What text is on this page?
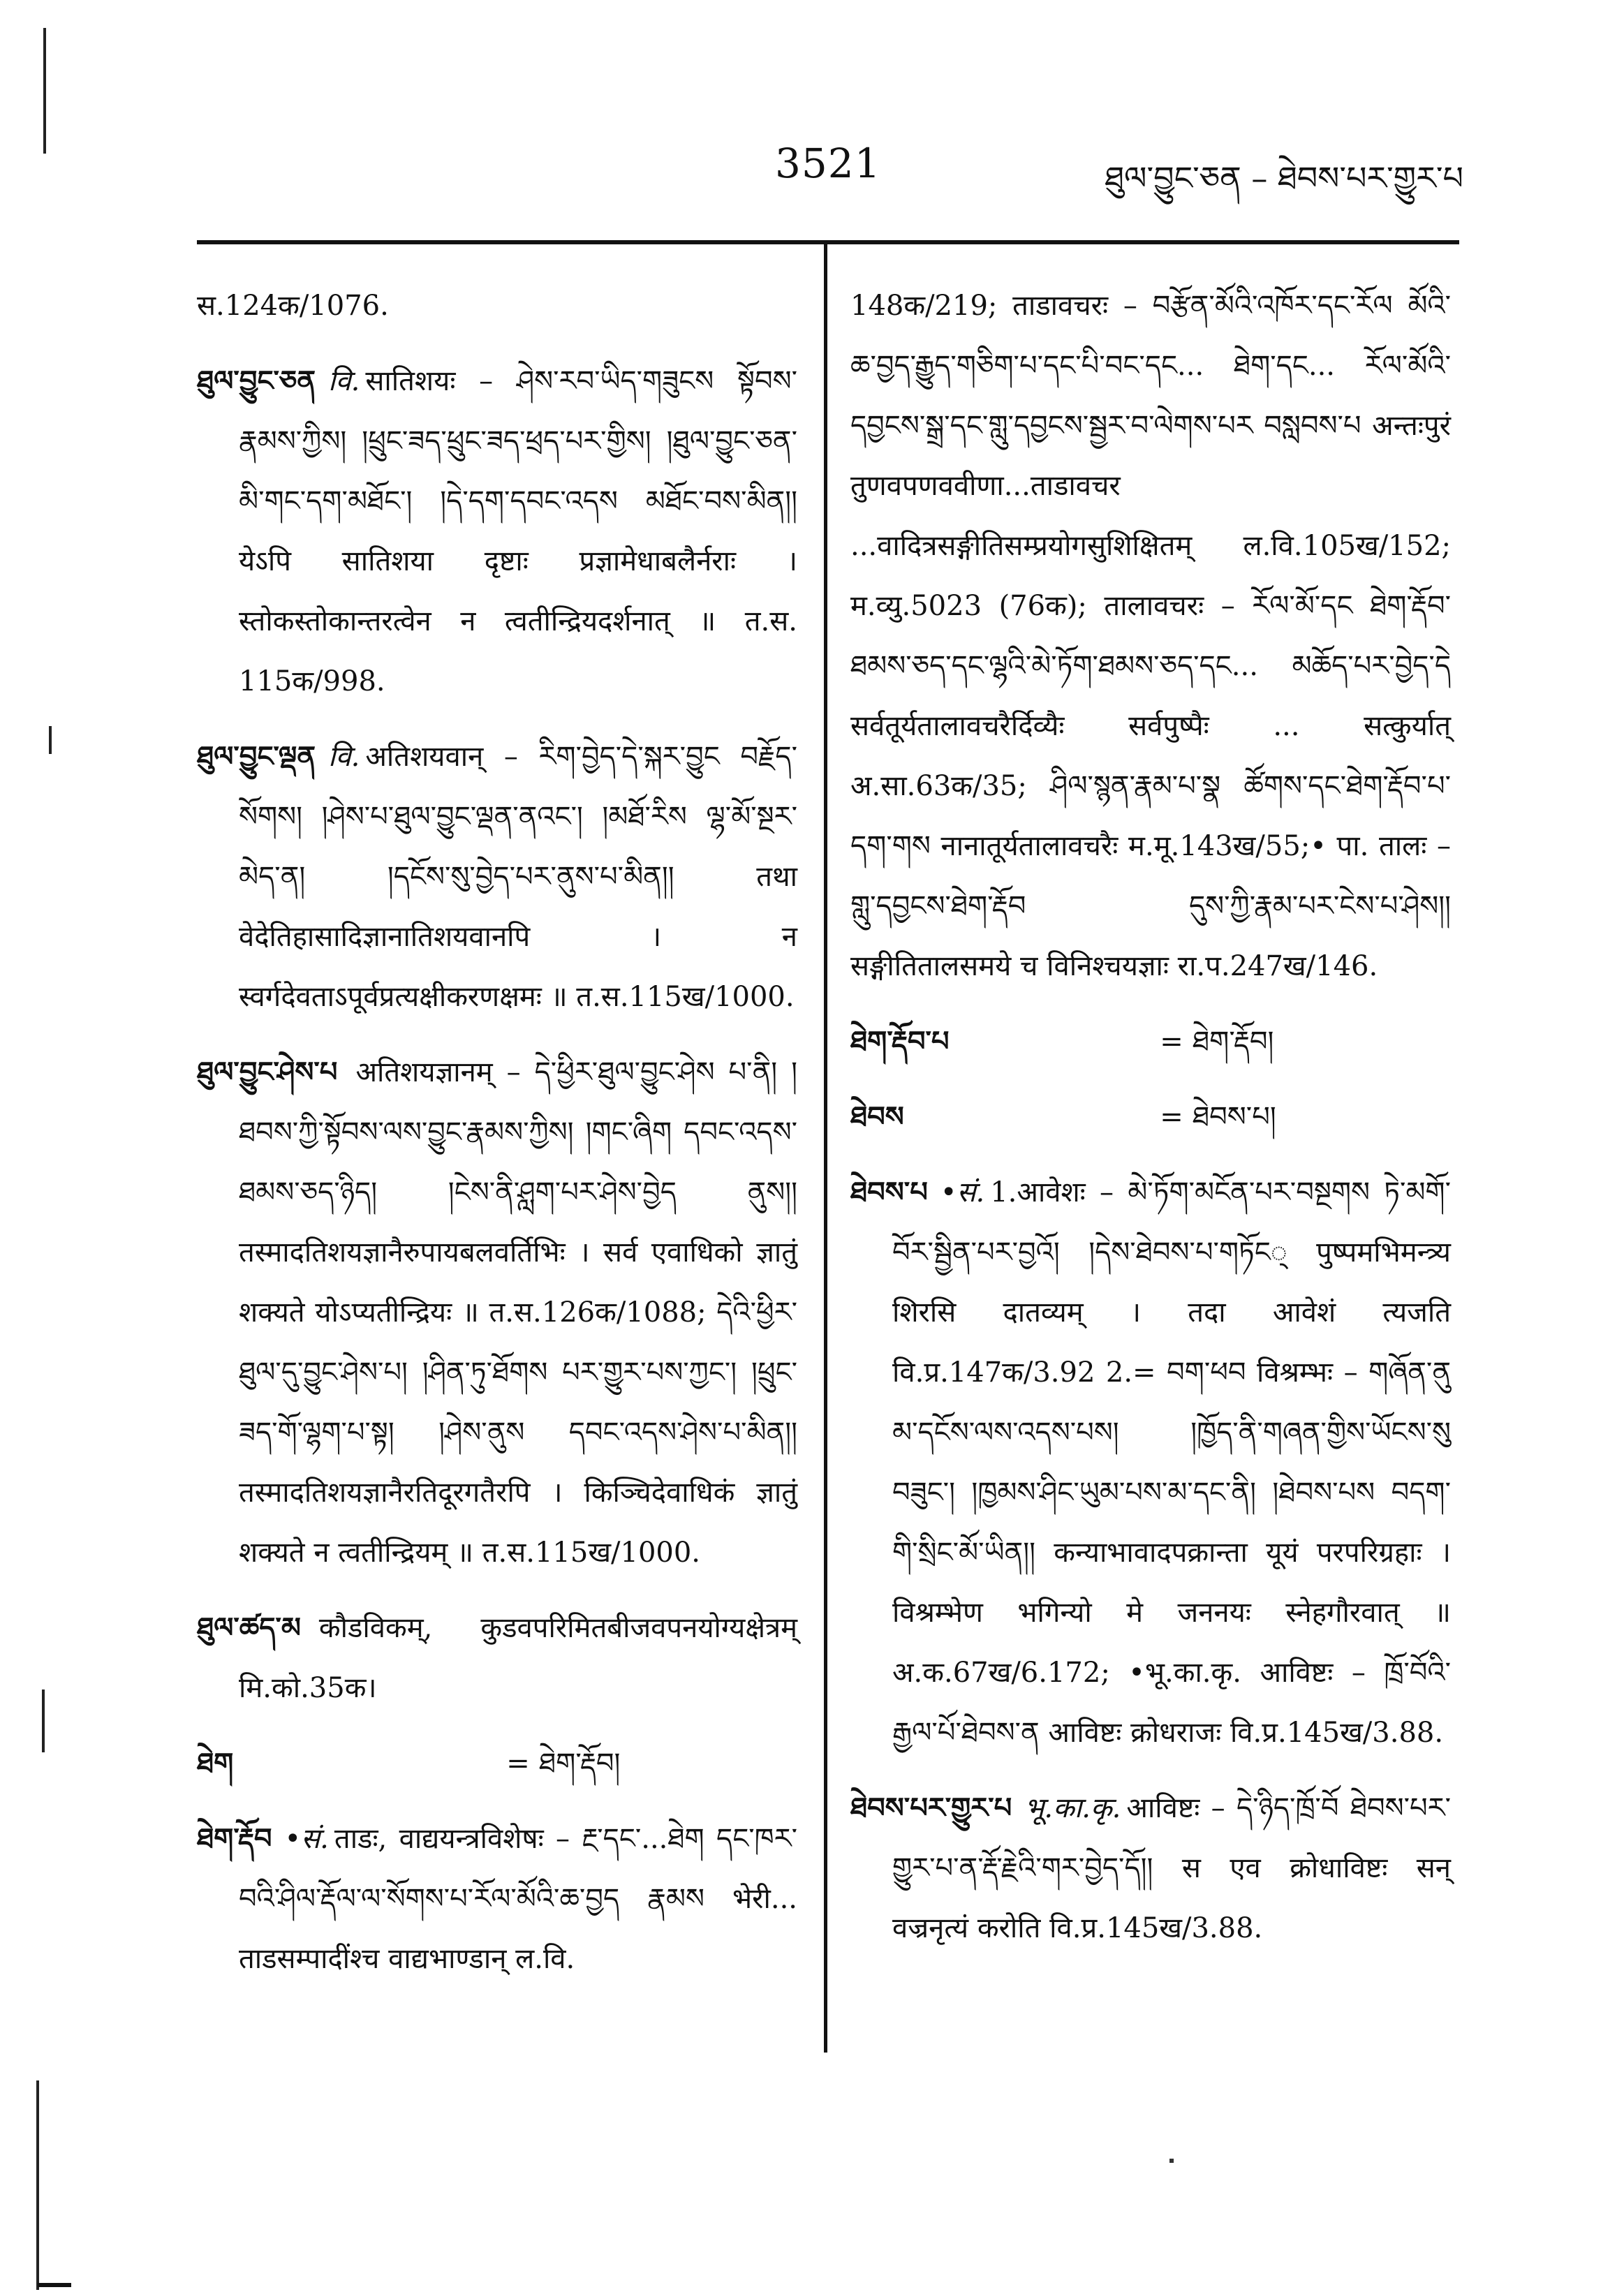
3521	ཐུལ་བྱུང་ཅན – ཐེབས་པར་གྱུར་པ

स.124क/1076.

ཐུལ་བྱུང་ཅན वि. सातिशयः – ཤེས་རབ་ཡིད་གཟུངས སྟོབས་རྣམས་ཀྱིས། །ཕྲུང་ཟད་ཕྲུང་ཟད་ཕྲད་པར་གྱིས། །ཐུལ་བྱུང་ཅན་མི་གང་དག་མཐོང་། །དེ་དག་དབང་འདས མཐོང་བས་མིན།། येऽपि सातिशया दृष्टाः प्रज्ञामेधाबलैर्नराः । स्तोकस्तोकान्तरत्वेन न त्वतीन्द्रियदर्शनात् ॥ त.स. 115क/998.

ཐུལ་བྱུང་ལྡན वि. अतिशयवान् – རིག་བྱེད་དེ་སྐར་བྱུང བརྗོད་སོགས། །ཤེས་པ་ཐུལ་བྱུང་ལྡན་ནའང་། །མཐོ་རིས ལྷ་མོ་སྔར་མེད་ན། །དངོས་སུ་བྱེད་པར་ནུས་པ་མིན།། तथा वेदेतिहासादिज्ञानातिशयवानपि । न स्वर्गदेवताऽपूर्वप्रत्यक्षीकरणक्षमः ॥ त.स.115ख/1000.

ཐུལ་བྱུང་ཤེས་པ अतिशयज्ञानम् – དེ་ཕྱིར་ཐུལ་བྱུང་ཤེས པ་ནི། །ཐབས་ཀྱི་སྟོབས་ལས་བྱུང་རྣམས་ཀྱིས། །གང་ཞིག དབང་འདས་ཐམས་ཅད་ཉིད། །ངེས་ནི་ཤླག་པར་ཤེས་བྱེད ནུས།། तस्मादतिशयज्ञानैरुपायबलवर्तिभिः । सर्व एवाधिको ज्ञातुं शक्यते योऽप्यतीन्द्रियः ॥ त.स.126क/1088; དེའི་ཕྱིར་ཐུལ་དུ་བྱུང་ཤེས་པ། །ཤིན་ཏུ་ཐོགས པར་གྱུར་པས་ཀྱང་། །ཕྲུང་ཟད་གོ་ལྷག་པ་སྟ། །ཤེས་ནུས དབང་འདས་ཤེས་པ་མིན།། तस्मादतिशयज्ञानैरतिदूरगतैरपि । किञ्चिदेवाधिकं ज्ञातुं शक्यते न त्वतीन्द्रियम् ॥ त.स.115ख/1000.

ཐུལ་ཚད་མ कौडविकम्, कुडवपरिमितबीजवपनयोग्यक्षेत्रम् मि.को.35क।

ཐེག	= ཐེག་རྡོབ།

ཐེག་རྡོབ •सं. ताडः, वाद्ययन्त्रविशेषः – རྔ་དང་...ཐེག དང་ཁར་བའི་ཤིལ་རྡོལ་ལ་སོགས་པ་རོལ་མོའི་ཆ་བྱད རྣམས भेरी... ताडसम्पादींश्च वाद्यभाण्डान् ल.वि.

148क/219; ताडावचरः – བརྩོན་མོའི་འཁོར་དང་རོལ མོའི་ཆ་བྱད་རྒྱུད་གཅིག་པ་དང་པི་བང་དང... ཐེག་དང... རོལ་མོའི་དབྱངས་སྒྲ་དང་གླུ་དབྱངས་སྦྱར་བ་ལེགས་པར བསླབས་པ अन्तःपुरं तुणवपणववीणा...ताडावचर ...वादित्रसङ्गीतिसम्प्रयोगसुशिक्षितम् ल.वि.105ख/152; म.व्यु.5023 (76क); तालावचरः – རོལ་མོ་དང ཐེག་རྡོབ་ཐམས་ཅད་དང་ལྷའི་མེ་ཏོག་ཐམས་ཅད་དང... མཆོད་པར་བྱེད་དེ सर्वतूर्यतालावचरैर्दिव्यैः सर्वपुष्पैः ... सत्कुर्यात् अ.सा.63क/35; ཤིལ་སྙན་རྣམ་པ་སྣ ཚོགས་དང་ཐེག་རྡོབ་པ་དག་གས नानातूर्यतालावचरैः म.मू.143ख/55;• पा. तालः – གླུ་དབྱངས་ཐེག་རྡོབ དུས་ཀྱི་རྣམ་པར་ངེས་པ་ཤེས།། सङ्गीतितालसमये च विनिश्चयज्ञाः रा.प.247ख/146.

ཐེག་རྡོབ་པ	= ཐེག་རྡོབ།
ཐེབས	= ཐེབས་པ།

ཐེབས་པ •सं. 1.आवेशः – མེ་ཏོག་མངོན་པར་བསྔགས ཏེ་མགོ་བོར་སྦྱིན་པར་བྱའོ། །དེས་ཐེབས་པ་གཏོང् पुष्पमभिमन्त्र्य शिरसि दातव्यम् । तदा आवेशं त्यजति वि.प्र.147क/3.92 2.= བག་ཕབ विश्रम्भः – གཞོན་ནུ མ་དངོས་ལས་འདས་པས། །ཁྱོད་ནི་གཞན་གྱིས་ཡོངས་སུ བཟུང་། །ཁྱམས་ཤིང་ཡུམ་པས་མ་དང་ནི། །ཐེབས་པས བདག་གི་སྲིང་མོ་ཡིན།། कन्याभावादपक्रान्ता यूयं परपरिग्रहाः । विश्रम्भेण भगिन्यो मे जननयः स्नेहगौरवात् ॥ अ.क.67ख/6.172; •भू.का.कृ. आविष्टः – ཁྲོ་བོའི་རྒྱལ་པོ་ཐེབས་ན आविष्टः क्रोधराजः वि.प्र.145ख/3.88.

ཐེབས་པར་གྱུར་པ भू.का.कृ. आविष्टः – དེ་ཉིད་ཁྲོ་བོ ཐེབས་པར་གྱུར་པ་ན་རྡོ་རྗེའི་གར་བྱེད་དོ།། स एव क्रोधाविष्टः सन् वज्रनृत्यं करोति वि.प्र.145ख/3.88.
